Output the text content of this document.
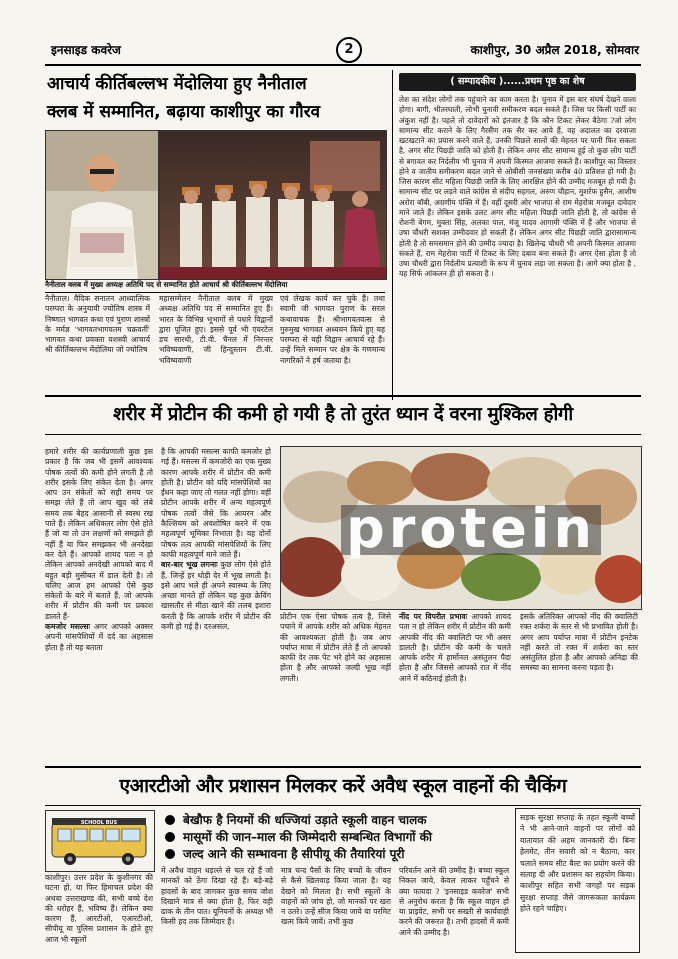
इनसाइड कवरेज	2	काशीपुर, 30 अप्रैल 2018, सोमवार
आचार्य कीर्तिबल्लभ मेंदोलिया हुए नैनीताल
क्लब में सम्मानित, बढ़ाया काशीपुर का गौरव
नैनीताल क्लब में मुख्य अध्यक्ष अतिथि पद से सम्मानित होते आचार्य श्री कीर्तिबल्लभ मेंदोलिया
नैनीताल। वैदिक सनातन आध्यात्मिक परम्परा के अनुयायी ज्योतिष शास्त्र में निष्णात भागवत कथा एवं पुराण शास्त्रों के मर्मज्ञ 'भागवतभागवतम चक्रवर्ती' भागवत कथा प्रवक्ता यशस्वी आचार्य श्री कीर्तिबल्लभ मेंदोलिया जो ज्योतिष
महासम्मेलन नैनीताल क्लब में मुख्य अध्यक्ष अतिथि पद से सम्मानित हुए हैं। भारत के विभिन्न भूभागों से पधारे विद्वानों द्वारा पूजित हुए। इससे पूर्व भी एयरटेल डच सारथी, टी.वी. चैनल में निरन्तर भविष्यवाणी, जी हिन्दुस्तान टी.वी. भविष्यवाणी
एवं लेखक कार्य कर चुके हैं। तथा स्वामी जी भागवत पुराण के सरल कथावाचक हैं। श्रीभागवतवत्स से गुरुमुख भागवत अध्ययन किये हुए यह परम्परा से यही विद्वान आचार्य रहे हैं। उन्हें मिले सम्मान पर क्षेत्र के गणमान्य नागरिकों ने हर्ष जताया है।
( सम्पादकीय )......प्रथम पृष्ठ का शेष
लेश का संदेश लोगों तक पहुंचाने का काम करता है। चुनाव में इस बार संघर्ष देखने वाला होगा। बागी, भीतरघाती, लोभी चुनावी समीकरण बदल सकते हैं। जिस पर किसी पार्टी का अंकुश नहीं है। पहले तो दावेदारों को इंतजार है कि कौन टिकट लेकर बैठेगा ?जो लोग सामान्य सीट कराने के लिए गैरसैंण तक सैर कर आये हैं, वह अदालत का दरवाजा खटखटाने का प्रयास करने वाले हैं, उनकी पिछले सालों की मेहनत पर पानी फिर सकता है, अगर सीट पिछड़ी जाति को होती है। लेकिन अगर सीट सामान्य हुई तो कुछ लोग पार्टी से बगावत कर निर्दलीय भी चुनाव में अपनी किस्मत आजमा सकते हैं। काशीपुर का विस्तार होने व जातीय समीकरण बदल जाने से ओबीसी जनसंख्या करीब 40 प्रतिशत हो गयी है। जिस कारण सीट महिला पिछड़ी जाति के लिए आरक्षित होने की उम्मीद मजबूत हो गयी है। सामान्य सीट पर लड़ने वाले कांग्रेस से संदीप सहगल, अरुण चौहान, मुशर्रफ हुसैन, आशीष अरोरा बॉबी, अग्रणीय पंक्ति में हैं। वहीं दूसरी ओर भाजपा से राम मेहरोत्रा मजबूत दावेदार माने जाते हैं। लेकिन इसके उलट अगर सीट महिला पिछड़ी जाति होती है, तो कांग्रेस से रोशनी बेगम, मुक्ता सिंह, अलका पाल, मंजू यादव आगामी पंक्ति में हैं और भाजपा से उषा चौधरी सशक्त उम्मीदवार हो सकती हैं। लेकिन अगर सीट पिछड़ी जाति द्वारासामान्य होती है तो समसमान होने की उम्मीद ज्यादा है। खिलेन्द्र चौधरी भी अपनी किस्मत आजमा सकते हैं, राम मेहरोत्रा पार्टी में टिकट के लिए दबाव बना सकते हैं। अगर ऐसा होता है तो उषा चौधरी द्वारा निर्दलीय प्रत्याशी के रूप में चुनाव लड़ा जा सकता है। आगे क्या होता है , यह सिर्फ आंकलन ही हो सकता है ।
शरीर में प्रोटीन की कमी हो गयी है तो तुरंत ध्यान दें वरना मुश्किल होगी
हमारे शरीर की कार्यप्रणाली कुछ इस प्रकार है कि जब भी इसमें आवश्यक पोषक तत्वों की कमी होने लगती है तो शरीर इसके लिए संकेत देता है। अगर आप उन संकेतों को सही समय पर समझ लेते हैं तो आप खुद को लंबे समय तक बेहद आसानी से स्वस्थ रख पाते हैं। लेकिन अधिकतर लोग ऐसे होते हैं जो या तो उन लक्षणों को समझते ही नहीं हैं या फिर समझकर भी अनदेखा कर देते हैं। आपको शायद पता न हो लेकिन आपको अनदेखी आपको बाद में बहुत बड़ी मुसीबत में डाल देती है। तो चलिए आज हम आपको ऐसे कुछ संकेतों के बारे में बताते हैं, जो आपके शरीर में प्रोटीन की कमी पर प्रकाश डालते हैं-
कमजोर मसल्सः अगर आपको अक्सर अपनी मांसपेशियों में दर्द का अहसास होता है तो यह बताता
है कि आपकी मसल्स काफी कमजोर हो गई हैं। मसल्स में कमजोरी का एक मुख्य कारण आपके शरीर में प्रोटीन की कमी होती है। प्रोटीन को यदि मांसपेशियों का ईंधन कहा जाए तो गलत नहीं होगा। वहीं प्रोटीन आपके शरीर में अन्य महत्वपूर्ण पोषक तत्वों जैसे कि आयरन और कैल्शियम को अवशोषित करने में एक महत्वपूर्ण भूमिका निभाता है। यह दोनों पोषक तत्व आपकी मांसपेशियों के लिए काफी महत्वपूर्ण माने जाते हैं।
बार-बार भूख लगनाः कुछ लोग ऐसे होते हैं, जिन्हें हर थोड़ी देर में भूख लगती है। इसे आप भले ही अपने स्वास्थ्य के लिए अच्छा मानते हों लेकिन यह कुछ क्रेविंग खासतौर से मीठा खाने की तलब इशारा करती है कि आपके शरीर में प्रोटीन की कमी हो गई है। दरअसल,
protein
प्रोटीन एक ऐसा पोषक तत्व है, जिसे पचाने में आपके शरीर को अधिक मेहनत की आवश्यकता होती है। जब आप पर्याप्त मात्रा में प्रोटीन लेते हैं तो आपको काफी देर तक पेट भरे होने का अहसास होता है और आपको जल्दी भूख नहीं लगती।
नींद पर विपरीत प्रभावः आपको शायद पता न हो लेकिन शरीर में प्रोटीन की कमी आपकी नींद की क्वालिटी पर भी असर डालती है। प्रोटीन की कमी के चलते आपके शरीर में हार्मोनल असंतुलन पैदा होता है और जिससे आपको रात में नींद आने में कठिनाई होती है।
इसके अतिरिक्त आपको नींद की क्वालिटी रक्त शर्करा के स्तर से भी प्रभावित होती है। अगर आप पर्याप्त मात्रा में प्रोटीन इनटेक नहीं करते तो रक्त में शर्करा का स्तर असंतुलित होता है और आपको अनिद्रा की समस्या का सामना करना पड़ता है।
एआरटीओ और प्रशासन मिलकर करें अवैध स्कूल वाहनों की चैकिंग
SCHOOL BUS	बेखौफ है नियमों की धज्जियां उड़ाते स्कूली वाहन चालक
मासूमों की जान–माल की जिम्मेदारी सम्बन्धित विभागों की
जल्द आने की सम्भावना है सीपीयू की तैयारियां पूरी
काशीपुर। उत्तर प्रदेश के कुशीनगर की घटना हो, या फिर हिमाचल प्रदेश की अथवा उत्तराखण्ड की, सभी बच्चे देश की धरोहर हैं, भविष्य हैं। लेकिन क्या कारण हैं, आरटीओ, एआरटीओ, सीपीयू या पुलिस प्रशासन के होते हुए आज भी स्कूलों
में अवैध वाहन धड़ल्ले से चल रहे हैं जो मानकों को ठेंगा दिखा रहे हैं। बड़े-बड़े हादसों के बाद जागकर कुछ समय जोश दिखाने मात्र से क्या होता है, फिर वही ढाक के तीन पात। यूनियनों के अध्यक्ष भी किसी हद तक जिम्मेदार हैं।
मात्र चन्द पैसों के लिए बच्चों के जीवन से कैसे खिलवाड़ किया जाता है। यह देखने को मिलता है। सभी स्कूलों के वाहनों को जांच हो, जो मानकों पर खरा न उतरे। उन्हें सीज किया जाये या परमिट खत्म किये जायें। तभी कुछ
परिवर्तन आने की उम्मीद है। बच्चा स्कूल निकल जाये, केवल लाकर पहुँचने से क्या फायदा ? 'इनसाइड कवरेज' सभी से अनुरोध करता है कि स्कूल वाहन हो या प्राइवेट, सभी पर सख्ती से कार्यवाही करने की जरूरत है। तभी हादसों में कमी आने की उम्मीद है।
सड़क सुरक्षा सप्ताह के तहत स्कूली बच्चों ने भी आने-जाने वाहनों पर लोगों को यातायात की अहम जानकारी दी। बिना हेलमेट, तीन सवारी को न बैठाना, कार चलाते समय सीट बैल्ट का प्रयोग करने की सलाह दी और प्रशासन का सहयोग किया। काशीपुर सहित सभी जगहों पर सड़क सुरक्षा सप्ताह जैसे जागरूकता कार्यक्रम होते रहने चाहिए।
